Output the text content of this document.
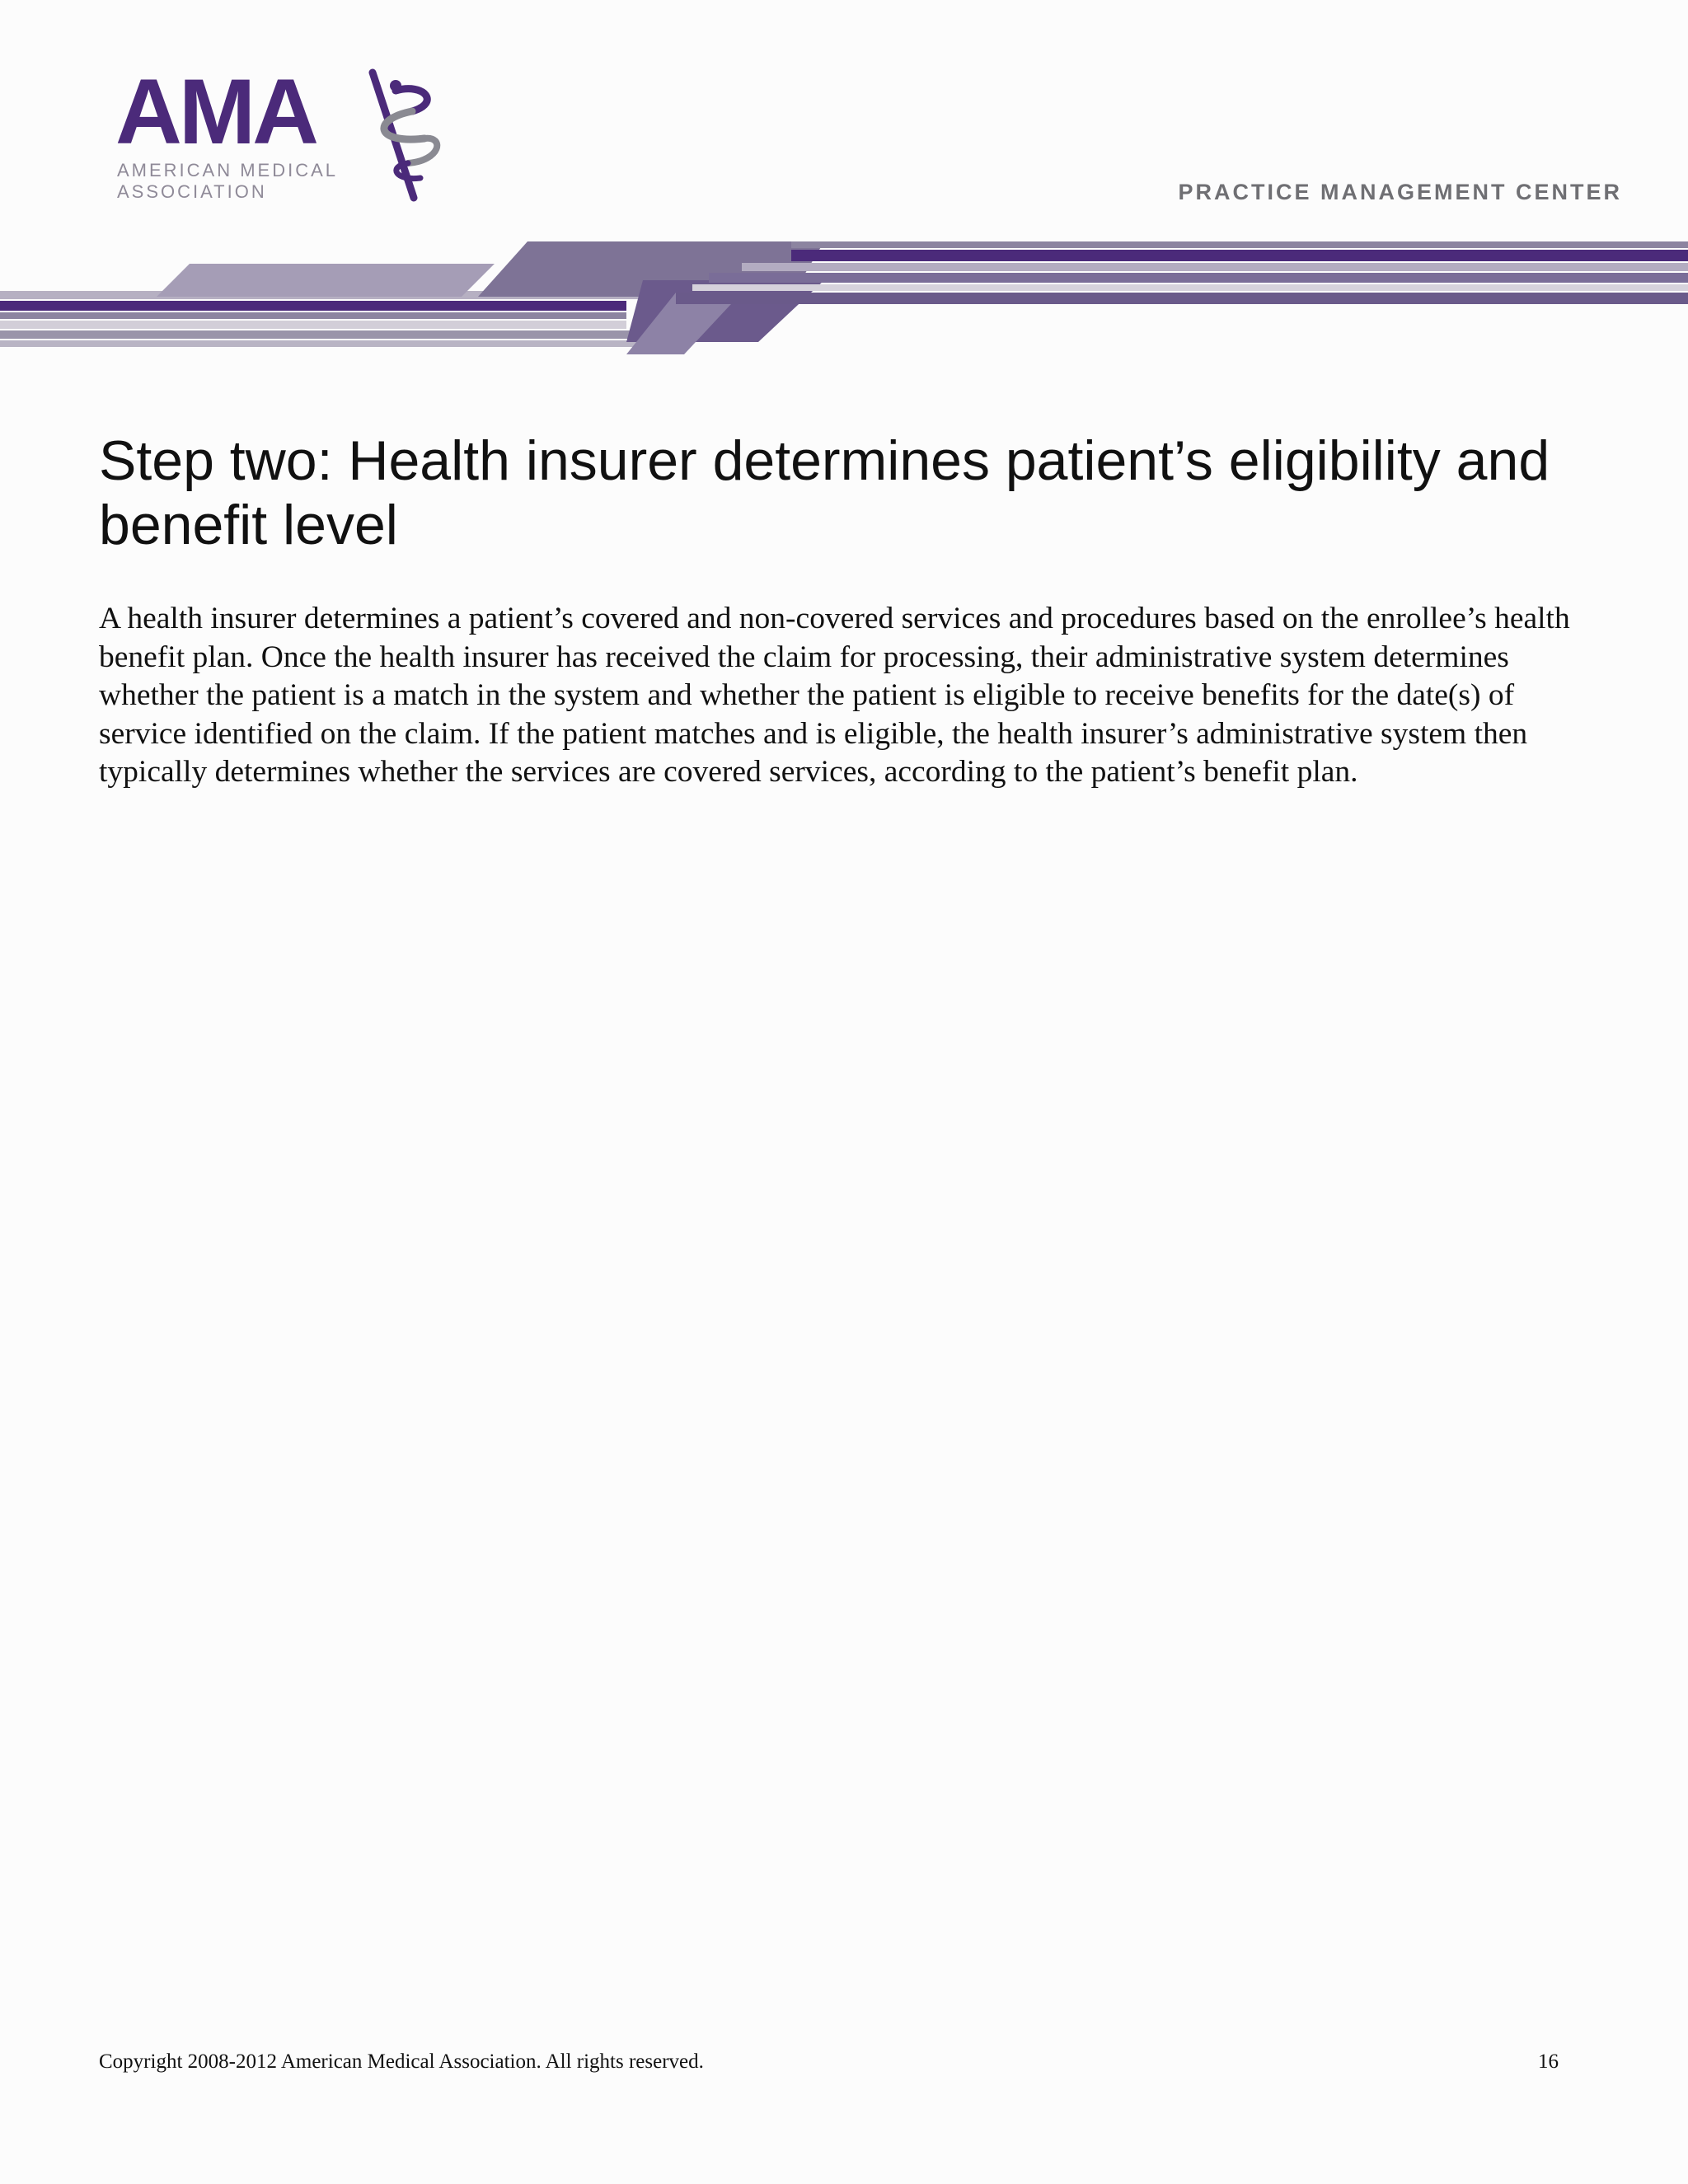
AMA
AMERICAN MEDICAL
ASSOCIATION	PRACTICE MANAGEMENT CENTER
Step two: Health insurer determines patient’s eligibility and benefit level

A health insurer determines a patient’s covered and non-covered services and procedures based on the enrollee’s health benefit plan. Once the health insurer has received the claim for processing, their administrative system determines whether the patient is a match in the system and whether the patient is eligible to receive benefits for the date(s) of service identified on the claim. If the patient matches and is eligible, the health insurer’s administrative system then typically determines whether the services are covered services, according to the patient’s benefit plan.

Copyright 2008-2012 American Medical Association. All rights reserved.	16
